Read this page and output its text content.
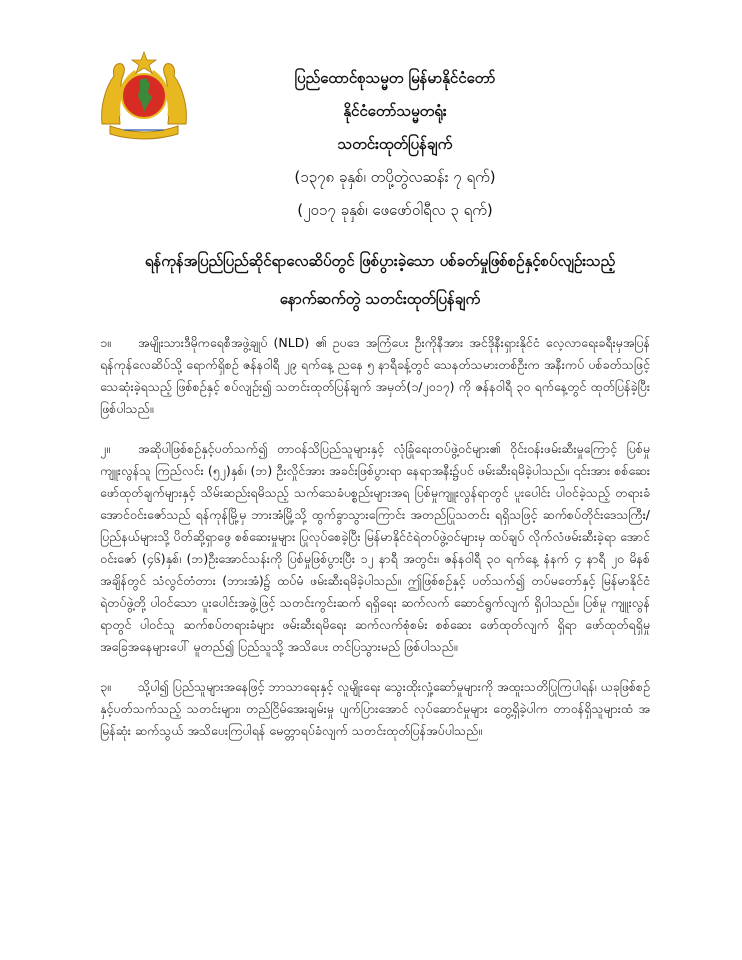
ပြည်ထောင်စုသမ္မတ မြန်မာနိုင်ငံတော်
နိုင်ငံတော်သမ္မတရုံး
သတင်းထုတ်ပြန်ချက်
(၁၃၇၈ ခုနှစ်၊ တပို့တွဲလဆန်း ၇ ရက်)
(၂၀၁၇ ခုနှစ်၊ ဖေဖော်ဝါရီလ ၃ ရက်)
ရန်ကုန်အပြည်ပြည်ဆိုင်ရာလေဆိပ်တွင် ဖြစ်ပွားခဲ့သော ပစ်ခတ်မှုဖြစ်စဉ်နှင့်စပ်လျဉ်းသည့်
နောက်ဆက်တွဲ သတင်းထုတ်ပြန်ချက်

၁။ အမျိုးသားဒီမိုကရေစီအဖွဲ့ချုပ် (NLD) ၏ ဥပဒေ အကြံပေး ဦးကိုနီအား အင်ဒိုနီးရှားနိုင်ငံ လေ့လာရေးခရီးမှအပြန် ရန်ကုန်လေဆိပ်သို့ ရောက်ရှိစဉ် ဇန်နဝါရီ ၂၉ ရက်နေ့ ညနေ ၅ နာရီခန့်တွင် သေနတ်သမားတစ်ဦးက အနီးကပ် ပစ်ခတ်သဖြင့် သေဆုံးခဲ့ရသည့် ဖြစ်စဉ်နှင့် စပ်လျဉ်း၍ သတင်းထုတ်ပြန်ချက် အမှတ်(၁/၂၀၁၇) ကို ဇန်နဝါရီ ၃၀ ရက်နေ့တွင် ထုတ်ပြန်ခဲ့ပြီး ဖြစ်ပါသည်။

၂။ အဆိုပါဖြစ်စဉ်နှင့်ပတ်သက်၍ တာဝန်သိပြည်သူများနှင့် လုံခြုံရေးတပ်ဖွဲ့ဝင်များ၏ ဝိုင်းဝန်းဖမ်းဆီးမှုကြောင့် ပြစ်မှုကျူးလွန်သူ ကြည်လင်း (၅၂)နှစ်၊ (ဘ) ဦးလှိုင်အား အခင်းဖြစ်ပွားရာ နေရာအနီး၌ပင် ဖမ်းဆီးရမိခဲ့ပါသည်။ ၎င်းအား စစ်ဆေး ဖော်ထုတ်ချက်များနှင့် သိမ်းဆည်းရမိသည့် သက်သေခံပစ္စည်းများအရ ပြစ်မှုကျူးလွန်ရာတွင် ပူးပေါင်း ပါဝင်ခဲ့သည့် တရားခံ အောင်ဝင်းဇော်သည် ရန်ကုန်မြို့မှ ဘားအံမြို့သို့ ထွက်ခွာသွားကြောင်း အတည်ပြုသတင်း ရရှိသဖြင့် ဆက်စပ်တိုင်းဒေသကြီး/ပြည်နယ်များသို့ ပိတ်ဆို့ရှာဖွေ စစ်ဆေးမှုများ ပြုလုပ်စေခဲ့ပြီး မြန်မာနိုင်ငံရဲတပ်ဖွဲ့ဝင်များမှ ထပ်ချပ် လိုက်လံဖမ်းဆီးခဲ့ရာ အောင်ဝင်းဇော် (၄၆)နှစ်၊ (ဘ)ဦးအောင်သန်းကို ပြစ်မှုဖြစ်ပွားပြီး ၁၂ နာရီ အတွင်း၊ ဇန်နဝါရီ ၃၀ ရက်နေ့ နံနက် ၄ နာရီ ၂၀ မိနစ်အချိန်တွင် သံလွင်တံတား (ဘားအံ)၌ ထပ်မံ ဖမ်းဆီးရမိခဲ့ပါသည်။ ဤဖြစ်စဉ်နှင့် ပတ်သက်၍ တပ်မတော်နှင့် မြန်မာနိုင်ငံ ရဲတပ်ဖွဲ့တို့ ပါဝင်သော ပူးပေါင်းအဖွဲ့ဖြင့် သတင်းကွင်းဆက် ရရှိရေး ဆက်လက် ဆောင်ရွက်လျက် ရှိပါသည်။ ပြစ်မှု ကျူးလွန်ရာတွင် ပါဝင်သူ ဆက်စပ်တရားခံများ ဖမ်းဆီးရမိရေး ဆက်လက်စုံစမ်း စစ်ဆေး ဖော်ထုတ်လျက် ရှိရာ ဖော်ထုတ်ရရှိမှု အခြေအနေများပေါ် မူတည်၍ ပြည်သူသို့ အသိပေး တင်ပြသွားမည် ဖြစ်ပါသည်။

၃။ သို့ပါ၍ ပြည်သူများအနေဖြင့် ဘာသာရေးနှင့် လူမျိုးရေး သွေးထိုးလှုံ့ဆော်မှုများကို အထူးသတိပြုကြပါရန်၊ ယခုဖြစ်စဉ်နှင့်ပတ်သက်သည့် သတင်းများ၊ တည်ငြိမ်အေးချမ်းမှု ပျက်ပြားအောင် လုပ်ဆောင်မှုများ တွေ့ရှိခဲ့ပါက တာဝန်ရှိသူများထံ အမြန်ဆုံး ဆက်သွယ် အသိပေးကြပါရန် မေတ္တာရပ်ခံလျက် သတင်းထုတ်ပြန်အပ်ပါသည်။
